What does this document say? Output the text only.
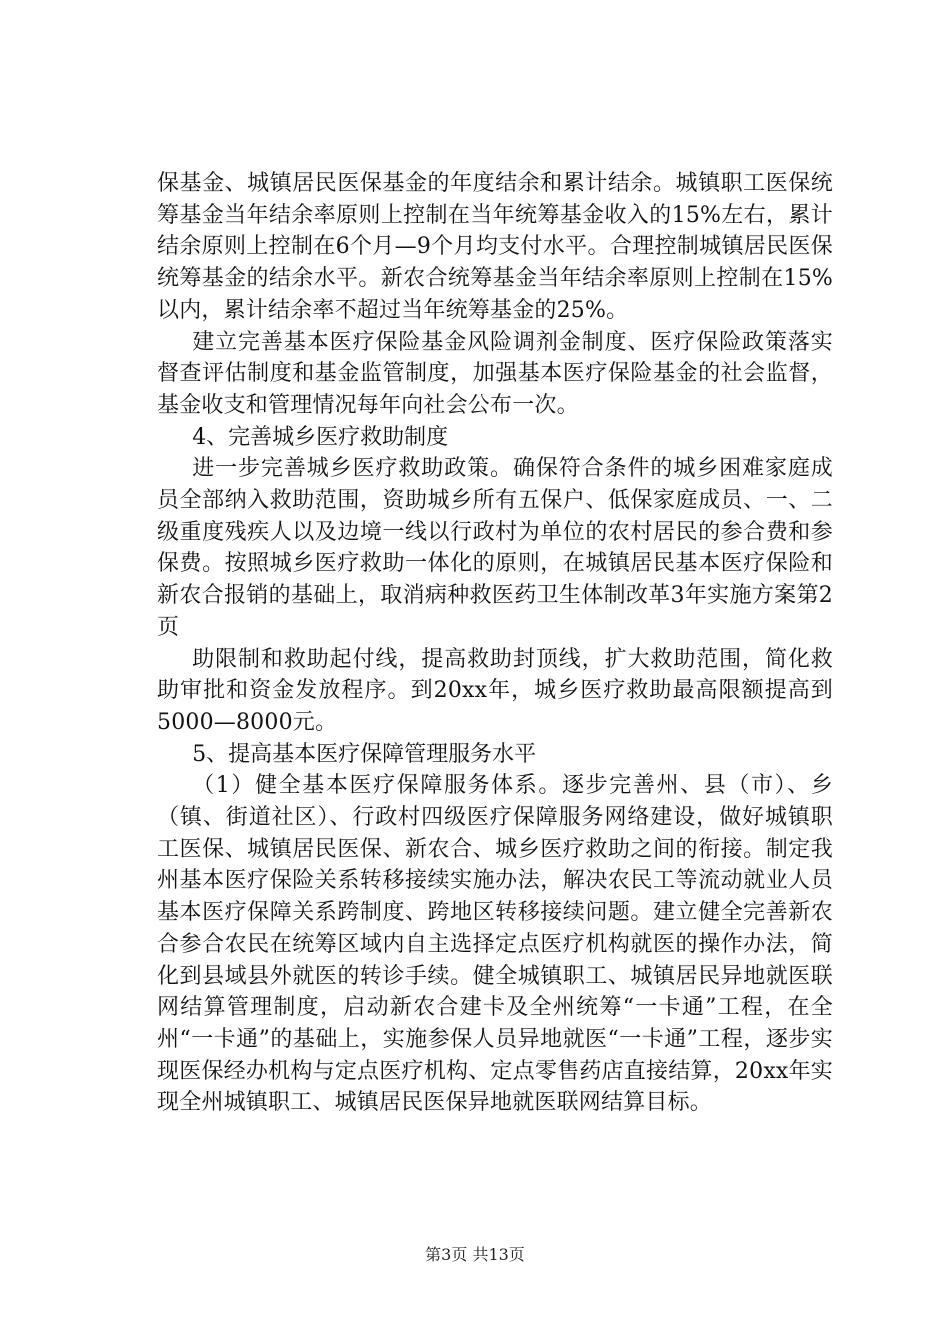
保基金、城镇居民医保基金的年度结余和累计结余。城镇职工医保统筹基金当年结余率原则上控制在当年统筹基金收入的15%左右，累计结余原则上控制在6个月—9个月均支付水平。合理控制城镇居民医保统筹基金的结余水平。新农合统筹基金当年结余率原则上控制在15%以内，累计结余率不超过当年统筹基金的25%。

建立完善基本医疗保险基金风险调剂金制度、医疗保险政策落实督查评估制度和基金监管制度，加强基本医疗保险基金的社会监督，基金收支和管理情况每年向社会公布一次。

4、完善城乡医疗救助制度

进一步完善城乡医疗救助政策。确保符合条件的城乡困难家庭成员全部纳入救助范围，资助城乡所有五保户、低保家庭成员、一、二级重度残疾人以及边境一线以行政村为单位的农村居民的参合费和参保费。按照城乡医疗救助一体化的原则，在城镇居民基本医疗保险和新农合报销的基础上，取消病种救医药卫生体制改革3年实施方案第2页

助限制和救助起付线，提高救助封顶线，扩大救助范围，简化救助审批和资金发放程序。到20xx年，城乡医疗救助最高限额提高到5000—8000元。

5、提高基本医疗保障管理服务水平

（1）健全基本医疗保障服务体系。逐步完善州、县（市）、乡（镇、街道社区）、行政村四级医疗保障服务网络建设，做好城镇职工医保、城镇居民医保、新农合、城乡医疗救助之间的衔接。制定我州基本医疗保险关系转移接续实施办法，解决农民工等流动就业人员基本医疗保障关系跨制度、跨地区转移接续问题。建立健全完善新农合参合农民在统筹区域内自主选择定点医疗机构就医的操作办法，简化到县域县外就医的转诊手续。健全城镇职工、城镇居民异地就医联网结算管理制度，启动新农合建卡及全州统筹“一卡通”工程，在全州“一卡通”的基础上，实施参保人员异地就医“一卡通”工程，逐步实现医保经办机构与定点医疗机构、定点零售药店直接结算，20xx年实现全州城镇职工、城镇居民医保异地就医联网结算目标。

第3页 共13页
